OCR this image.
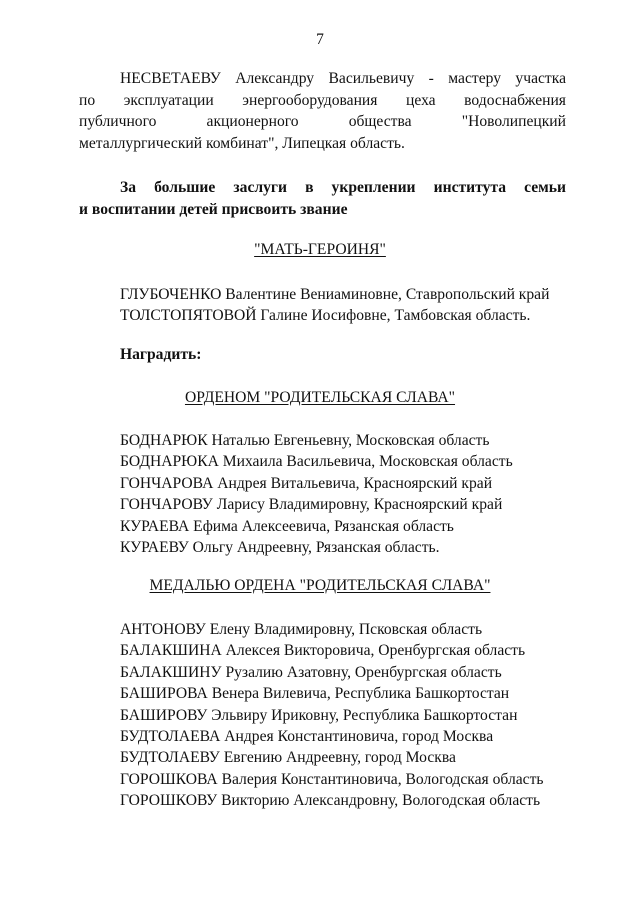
7
НЕСВЕТАЕВУ Александру Васильевичу - мастеру участка
по эксплуатации энергооборудования цеха водоснабжения
публичного акционерного общества "Новолипецкий
металлургический комбинат", Липецкая область.
За большие заслуги в укреплении института семьи
и воспитании детей присвоить звание
"МАТЬ-ГЕРОИНЯ"
ГЛУБОЧЕНКО Валентине Вениаминовне, Ставропольский край
ТОЛСТОПЯТОВОЙ Галине Иосифовне, Тамбовская область.
Наградить:
ОРДЕНОМ "РОДИТЕЛЬСКАЯ СЛАВА"
БОДНАРЮК Наталью Евгеньевну, Московская область
БОДНАРЮКА Михаила Васильевича, Московская область
ГОНЧАРОВА Андрея Витальевича, Красноярский край
ГОНЧАРОВУ Ларису Владимировну, Красноярский край
КУРАЕВА Ефима Алексеевича, Рязанская область
КУРАЕВУ Ольгу Андреевну, Рязанская область.
МЕДАЛЬЮ ОРДЕНА "РОДИТЕЛЬСКАЯ СЛАВА"
АНТОНОВУ Елену Владимировну, Псковская область
БАЛАКШИНА Алексея Викторовича, Оренбургская область
БАЛАКШИНУ Рузалию Азатовну, Оренбургская область
БАШИРОВА Венера Вилевича, Республика Башкортостан
БАШИРОВУ Эльвиру Ириковну, Республика Башкортостан
БУДТОЛАЕВА Андрея Константиновича, город Москва
БУДТОЛАЕВУ Евгению Андреевну, город Москва
ГОРОШКОВА Валерия Константиновича, Вологодская область
ГОРОШКОВУ Викторию Александровну, Вологодская область
